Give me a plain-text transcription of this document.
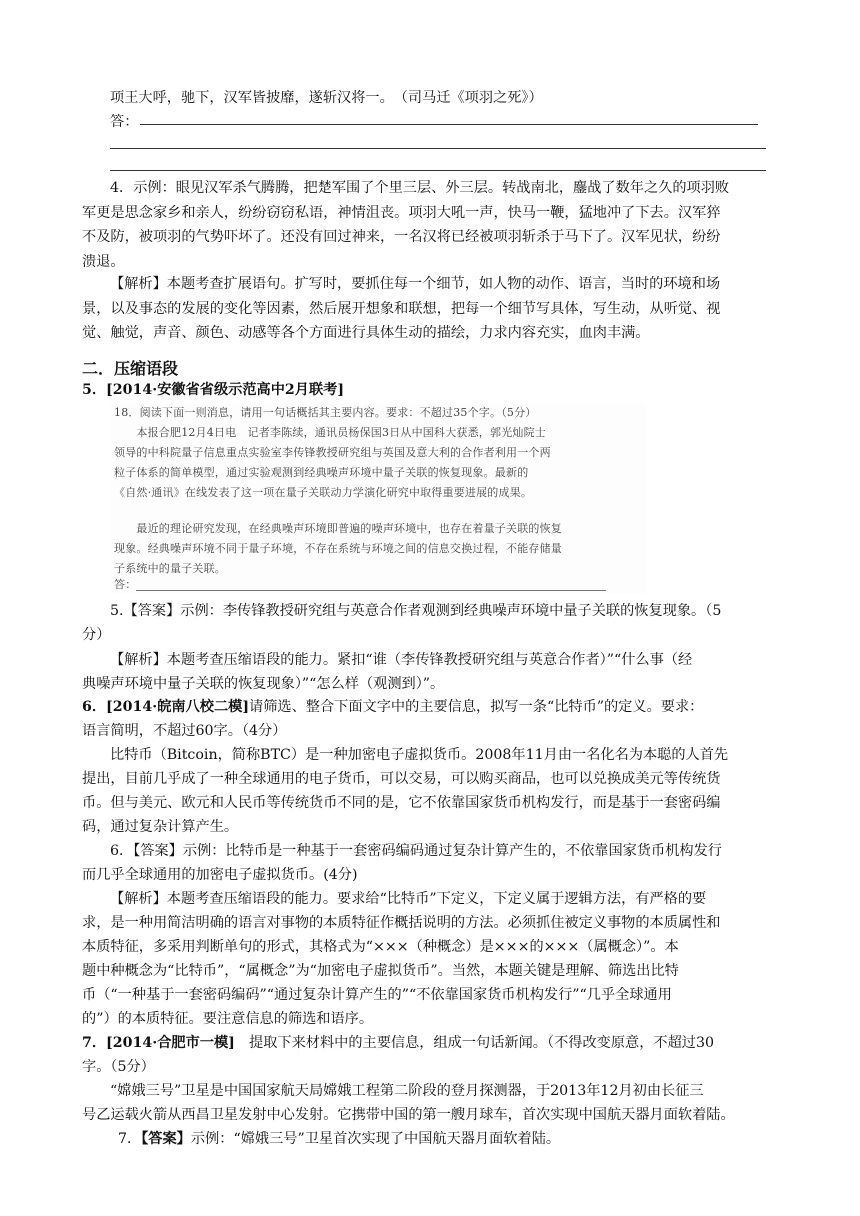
项王大呼，驰下，汉军皆披靡，遂斩汉将一。　（司马迁《项羽之死》）
答：
4．示例：眼见汉军杀气腾腾，把楚军围了个里三层、外三层。转战南北，鏖战了数年之久的项羽败
军更是思念家乡和亲人，纷纷窃窃私语，神情沮丧。项羽大吼一声，快马一鞭，猛地冲了下去。汉军猝
不及防，被项羽的气势吓坏了。还没有回过神来，一名汉将已经被项羽斩杀于马下了。汉军见状，纷纷
溃退。
【解析】本题考查扩展语句。扩写时，要抓住每一个细节，如人物的动作、语言，当时的环境和场
景，以及事态的发展的变化等因素，然后展开想象和联想，把每一个细节写具体，写生动，从听觉、视
觉、触觉，声音、颜色、动感等各个方面进行具体生动的描绘，力求内容充实，血肉丰满。
二．压缩语段
5．[2014·安徽省省级示范高中2月联考]
18．阅读下面一则消息，请用一句话概括其主要内容。要求：不超过35个字。（5分）
　　本报合肥12月4日电　记者李陈续，通讯员杨保国3日从中国科大获悉，郭光灿院士
领导的中科院量子信息重点实验室李传锋教授研究组与英国及意大利的合作者利用一个两
粒子体系的简单模型，通过实验观测到经典噪声环境中量子关联的恢复现象。最新的
《自然·通讯》在线发表了这一项在量子关联动力学演化研究中取得重要进展的成果。
　　最近的理论研究发现，在经典噪声环境即普遍的噪声环境中，也存在着量子关联的恢复
现象。经典噪声环境不同于量子环境，不存在系统与环境之间的信息交换过程，不能存储量
子系统中的量子关联。
答：
5.【答案】示例：李传锋教授研究组与英意合作者观测到经典噪声环境中量子关联的恢复现象。（5
分）
【解析】本题考查压缩语段的能力。紧扣“谁（李传锋教授研究组与英意合作者）”“什么事（经
典噪声环境中量子关联的恢复现象）”“怎么样（观测到）”。
6．[2014·皖南八校二模]请筛选、整合下面文字中的主要信息，拟写一条“比特币”的定义。要求：
语言简明，不超过60字。（4分）
比特币（Bitcoin，简称BTC）是一种加密电子虚拟货币。2008年11月由一名化名为本聪的人首先
提出，目前几乎成了一种全球通用的电子货币，可以交易，可以购买商品，也可以兑换成美元等传统货
币。但与美元、欧元和人民币等传统货币不同的是，它不依靠国家货币机构发行，而是基于一套密码编
码，通过复杂计算产生。
6．【答案】示例：比特币是一种基于一套密码编码通过复杂计算产生的，不依靠国家货币机构发行
而几乎全球通用的加密电子虚拟货币。(4分)
【解析】本题考查压缩语段的能力。要求给“比特币”下定义，下定义属于逻辑方法，有严格的要
求，是一种用简洁明确的语言对事物的本质特征作概括说明的方法。必须抓住被定义事物的本质属性和
本质特征，多采用判断单句的形式，其格式为“×××（种概念）是×××的×××（属概念）”。本
题中种概念为“比特币”，“属概念”为“加密电子虚拟货币”。当然，本题关键是理解、筛选出比特
币（“一种基于一套密码编码”“通过复杂计算产生的”“不依靠国家货币机构发行”“几乎全球通用
的”）的本质特征。要注意信息的筛选和语序。
7．[2014·合肥市一模]　提取下来材料中的主要信息，组成一句话新闻。（不得改变原意，不超过30
字。（5分）
“嫦娥三号”卫星是中国国家航天局嫦娥工程第二阶段的登月探测器，于2013年12月初由长征三
号乙运载火箭从西昌卫星发射中心发射。它携带中国的第一艘月球车，首次实现中国航天器月面软着陆。
7．【答案】示例：“嫦娥三号”卫星首次实现了中国航天器月面软着陆。
